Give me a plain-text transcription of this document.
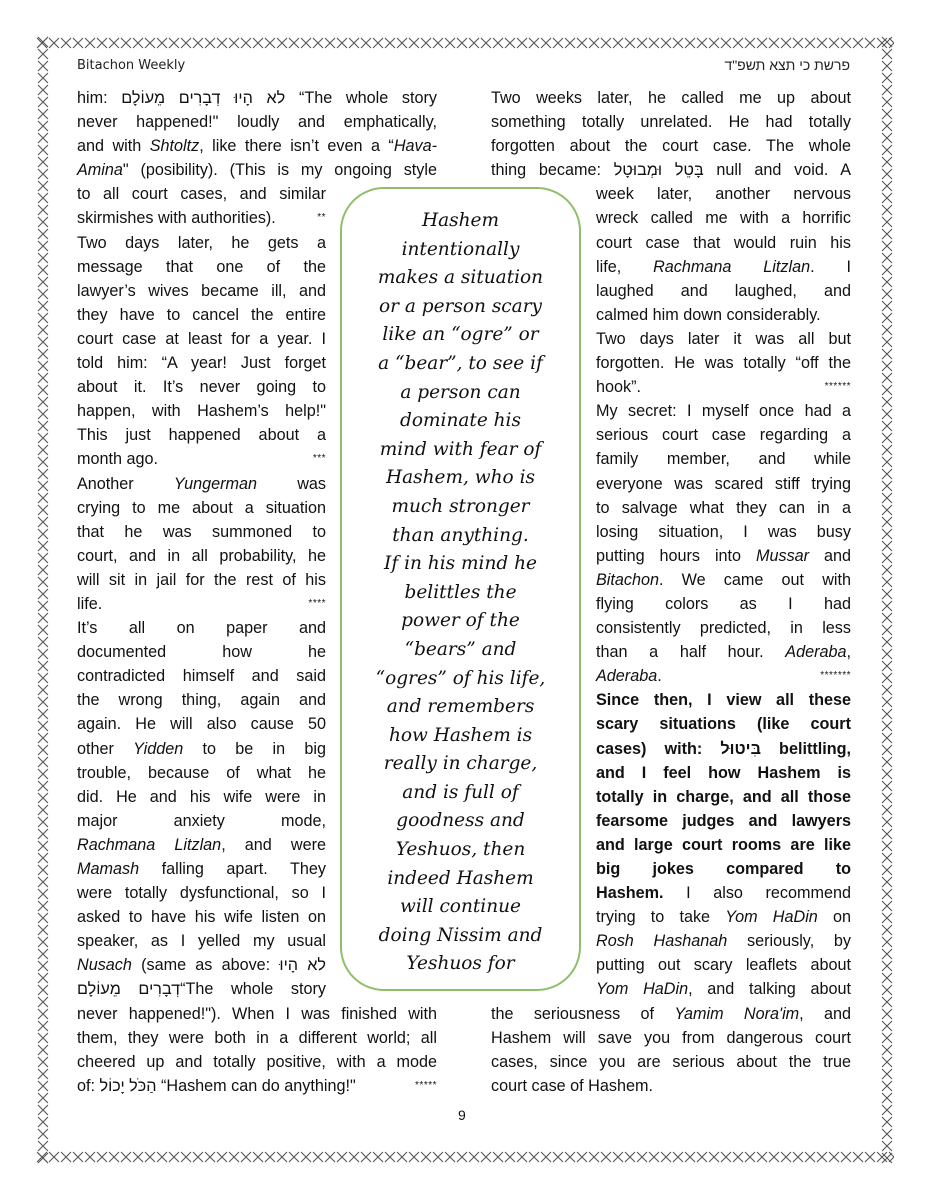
Bitachon Weekly	פרשת כי תצא תשפ"ד
him: לא הָיוּ דְבָרִים מֵעוֹלָם “The whole story
never happened!" loudly and emphatically,
and with Shtoltz, like there isn’t even a “Hava-
Amina" (posibility). (This is my ongoing style
to all court cases, and similar
skirmishes with authorities).	**
Two days later, he gets a
message that one of the
lawyer’s wives became ill, and
they have to cancel the entire
court case at least for a year. I
told him: “A year! Just forget
about it. It’s never going to
happen, with Hashem’s help!"
This just happened about a
month ago.	***
Another Yungerman was
crying to me about a situation
that he was summoned to
court, and in all probability, he
will sit in jail for the rest of his
life.	****
It’s all on paper and
documented how he
contradicted himself and said
the wrong thing, again and
again. He will also cause 50
other Yidden to be in big
trouble, because of what he
did. He and his wife were in
major anxiety mode,
Rachmana Litzlan, and were
Mamash falling apart. They
were totally dysfunctional, so I
asked to have his wife listen on
speaker, as I yelled my usual
Nusach (same as above: לא הָיוּ
דְבָרִים מֵעוֹלָם“The whole story
never happened!"). When I was finished with
them, they were both in a different world; all
cheered up and totally positive, with a mode
of: הַכֹּל יָכוֹל “Hashem can do anything!"	*****
Hashem
intentionally
makes a situation
or a person scary
like an “ogre” or
a “bear”, to see if
a person can
dominate his
mind with fear of
Hashem, who is
much stronger
than anything.
If in his mind he
belittles the
power of the
“bears” and
“ogres” of his life,
and remembers
how Hashem is
really in charge,
and is full of
goodness and
Yeshuos, then
indeed Hashem
will continue
doing Nissim and
Yeshuos for
Two weeks later, he called me up about
something totally unrelated. He had totally
forgotten about the court case. The whole
thing became: בָּטֵל וּמְבוּטָל null and void. A
week later, another nervous
wreck called me with a horrific
court case that would ruin his
life, Rachmana Litzlan. I
laughed and laughed, and
calmed him down considerably.
Two days later it was all but
forgotten. He was totally “off the
hook”.	******
My secret: I myself once had a
serious court case regarding a
family member, and while
everyone was scared stiff trying
to salvage what they can in a
losing situation, I was busy
putting hours into Mussar and
Bitachon. We came out with
flying colors as I had
consistently predicted, in less
than a half hour. Aderaba,
Aderaba.	*******
Since then, I view all these
scary situations (like court
cases) with: בִּיטוּל belittling,
and I feel how Hashem is
totally in charge, and all those
fearsome judges and lawyers
and large court rooms are like
big jokes compared to
Hashem. I also recommend
trying to take Yom HaDin on
Rosh Hashanah seriously, by
putting out scary leaflets about
Yom HaDin, and talking about
the seriousness of Yamim Nora'im, and
Hashem will save you from dangerous court
cases, since you are serious about the true
court case of Hashem.
9
